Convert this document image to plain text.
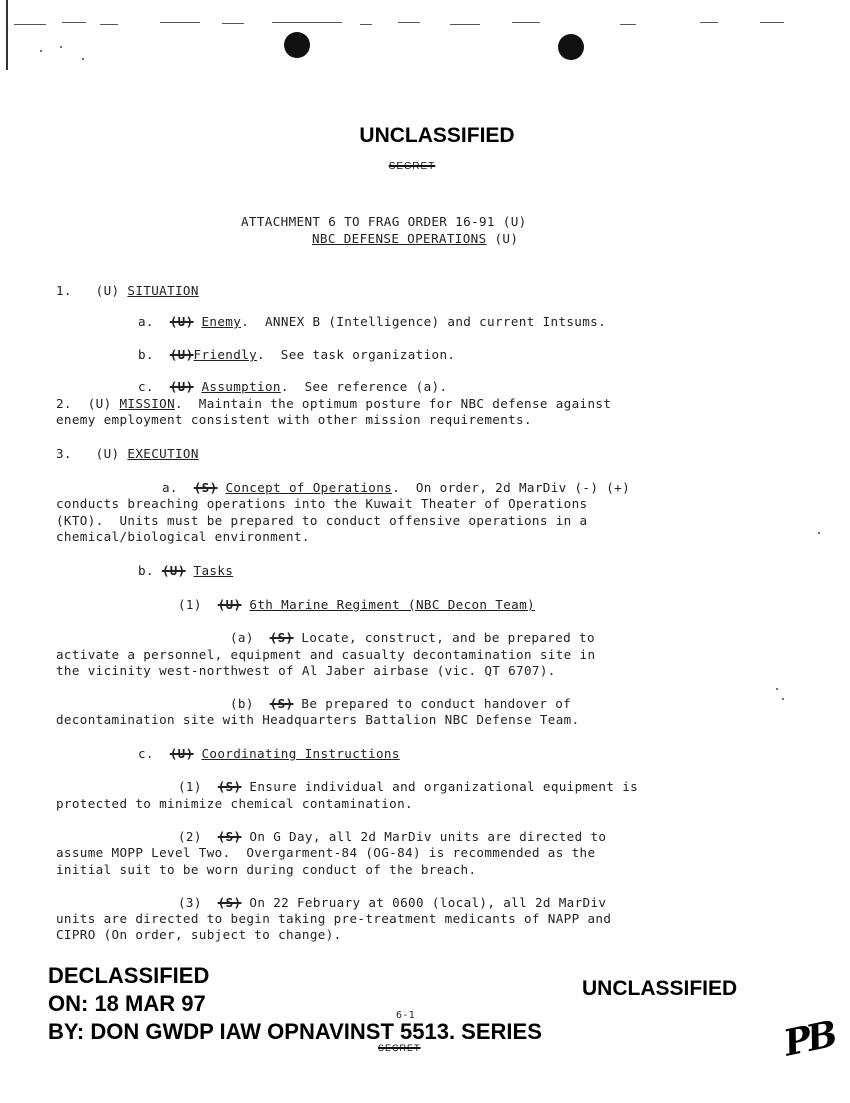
UNCLASSIFIED
SECRET
ATTACHMENT 6 TO FRAG ORDER 16-91 (U)
NBC DEFENSE OPERATIONS (U)
1. (U) SITUATION
a. (U) Enemy.  ANNEX B (Intelligence) and current Intsums.
b. (U)Friendly.  See task organization.
c. (U) Assumption.  See reference (a).
2. (U) MISSION.  Maintain the optimum posture for NBC defense against
enemy employment consistent with other mission requirements.
3. (U) EXECUTION
a. (S) Concept of Operations.  On order, 2d MarDiv (-) (+)
conducts breaching operations into the Kuwait Theater of Operations
(KTO).  Units must be prepared to conduct offensive operations in a
chemical/biological environment.
b. (U) Tasks
(1) (U) 6th Marine Regiment (NBC Decon Team)
(a) (S) Locate, construct, and be prepared to
activate a personnel, equipment and casualty decontamination site in
the vicinity west-northwest of Al Jaber airbase (vic. QT 6707).
(b) (S) Be prepared to conduct handover of
decontamination site with Headquarters Battalion NBC Defense Team.
c. (U) Coordinating Instructions
(1) (S) Ensure individual and organizational equipment is
protected to minimize chemical contamination.
(2) (S) On G Day, all 2d MarDiv units are directed to
assume MOPP Level Two.  Overgarment-84 (OG-84) is recommended as the
initial suit to be worn during conduct of the breach.
(3) (S) On 22 February at 0600 (local), all 2d MarDiv
units are directed to begin taking pre-treatment medicants of NAPP and
CIPRO (On order, subject to change).
DECLASSIFIED
ON: 18 MAR 97
BY: DON GWDP IAW OPNAVINST 5513. SERIES
UNCLASSIFIED
6-1
SECRET	PB
